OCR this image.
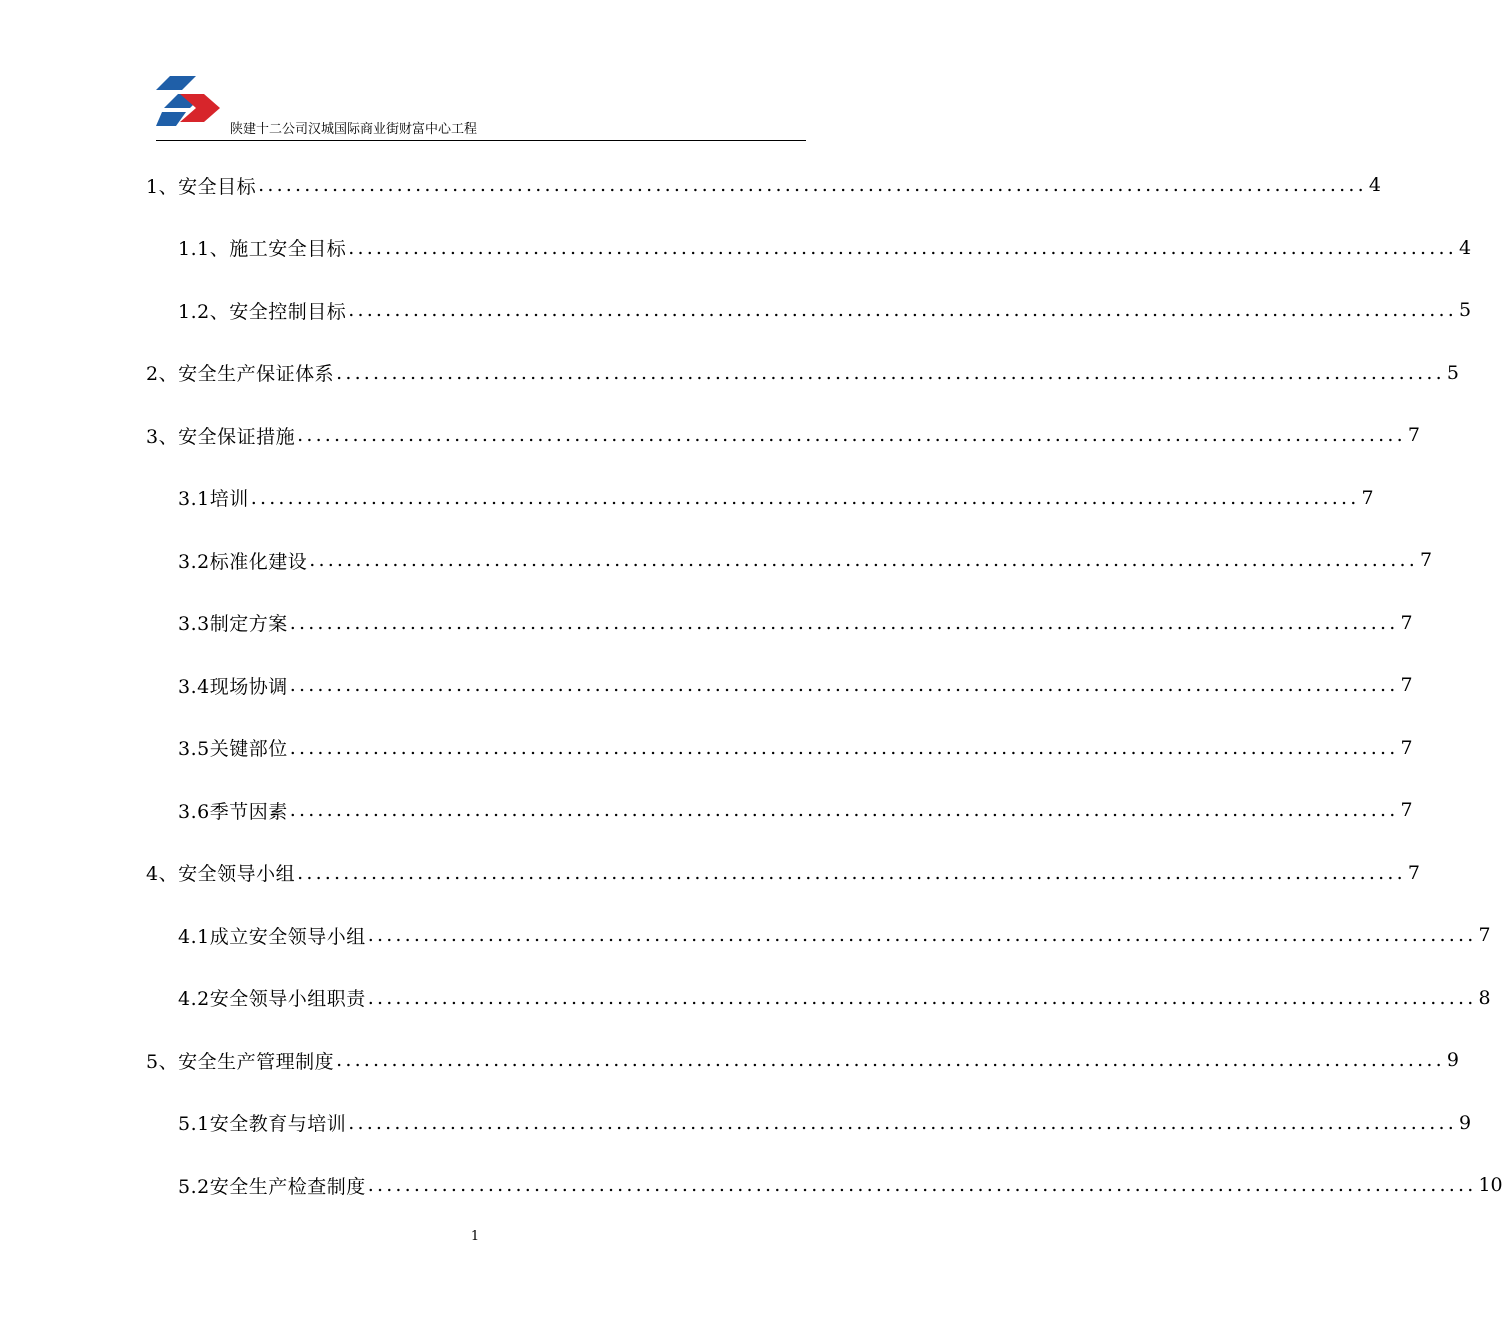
陕建十二公司汉城国际商业街财富中心工程
1、安全目标 ........................................................................................................................ 4
1.1、施工安全目标 ........................................................................................................................ 4
1.2、安全控制目标 ........................................................................................................................ 5
2、安全生产保证体系 ........................................................................................................................ 5
3、安全保证措施 ........................................................................................................................ 7
3.1培训 ........................................................................................................................ 7
3.2标准化建设 ........................................................................................................................ 7
3.3制定方案 ........................................................................................................................ 7
3.4现场协调 ........................................................................................................................ 7
3.5关键部位 ........................................................................................................................ 7
3.6季节因素 ........................................................................................................................ 7
4、安全领导小组 ........................................................................................................................ 7
4.1成立安全领导小组 ........................................................................................................................ 7
4.2安全领导小组职责 ........................................................................................................................ 8
5、安全生产管理制度 ........................................................................................................................ 9
5.1安全教育与培训 ........................................................................................................................ 9
5.2安全生产检查制度 ........................................................................................................................ 10
1
